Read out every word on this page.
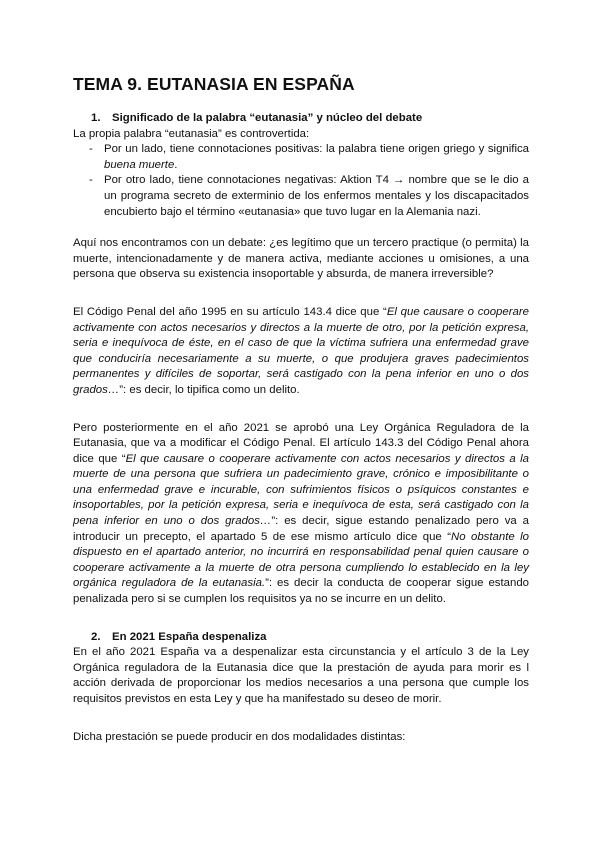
TEMA 9. EUTANASIA EN ESPAÑA
1. Significado de la palabra “eutanasia” y núcleo del debate

La propia palabra “eutanasia” es controvertida:

- Por un lado, tiene connotaciones positivas: la palabra tiene origen griego y significa buena muerte.
- Por otro lado, tiene connotaciones negativas: Aktion T4 → nombre que se le dio a un programa secreto de exterminio de los enfermos mentales y los discapacitados encubierto bajo el término «eutanasia» que tuvo lugar en la Alemania nazi.

Aquí nos encontramos con un debate: ¿es legítimo que un tercero practique (o permita) la muerte, intencionadamente y de manera activa, mediante acciones u omisiones, a una persona que observa su existencia insoportable y absurda, de manera irreversible?

El Código Penal del año 1995 en su artículo 143.4 dice que “El que causare o cooperare activamente con actos necesarios y directos a la muerte de otro, por la petición expresa, seria e inequívoca de éste, en el caso de que la víctima sufriera una enfermedad grave que conduciría necesariamente a su muerte, o que produjera graves padecimientos permanentes y difíciles de soportar, será castigado con la pena inferior en uno o dos grados…”: es decir, lo tipifica como un delito.

Pero posteriormente en el año 2021 se aprobó una Ley Orgánica Reguladora de la Eutanasia, que va a modificar el Código Penal. El artículo 143.3 del Código Penal ahora dice que “El que causare o cooperare activamente con actos necesarios y directos a la muerte de una persona que sufriera un padecimiento grave, crónico e imposibilitante o una enfermedad grave e incurable, con sufrimientos físicos o psíquicos constantes e insoportables, por la petición expresa, seria e inequívoca de esta, será castigado con la pena inferior en uno o dos grados…”: es decir, sigue estando penalizado pero va a introducir un precepto, el apartado 5 de ese mismo artículo dice que “No obstante lo dispuesto en el apartado anterior, no incurrirá en responsabilidad penal quien causare o cooperare activamente a la muerte de otra persona cumpliendo lo establecido en la ley orgánica reguladora de la eutanasia.”: es decir la conducta de cooperar sigue estando penalizada pero si se cumplen los requisitos ya no se incurre en un delito.

2. En 2021 España despenaliza

En el año 2021 España va a despenalizar esta circunstancia y el artículo 3 de la Ley Orgánica reguladora de la Eutanasia dice que la prestación de ayuda para morir es l acción derivada de proporcionar los medios necesarios a una persona que cumple los requisitos previstos en esta Ley y que ha manifestado su deseo de morir.

Dicha prestación se puede producir en dos modalidades distintas:
